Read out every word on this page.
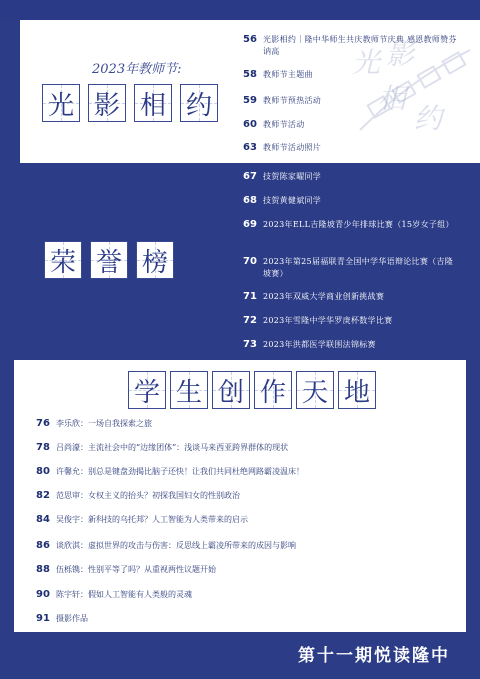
光 影
相
约
2023年教师节:
光 影 相 约
56 光影相约｜隆中华师生共庆教师节庆典 感恩教师赞芬讷高
58 教师节主题曲
59 教师节预热活动
60 教师节活动
63 教师节活动照片
荣 誉 榜
67 技贺陈家曜同学
68 技贺黄健斌同学
69 2023年ELL吉隆坡青少年排球比赛（15岁女子组）
70 2023年第25届福联青全国中学华语辩论比赛（吉隆坡赛）
71 2023年双威大学商业创新挑战赛
72 2023年雪隆中学华罗庚杯数学比赛
73 2023年洪都医学联围法锦标赛
学 生 创 作 天 地
76 李乐欣： 一场自我探索之旅
78 吕尚濠： 主流社会中的“边缘团体”：浅谈马来西亚跨界群体的现状
80 许馨允： 别总是键盘劲揭比脑子还快！让我们共同杜绝网路霸凌温床！
82 范思审： 女权主义的抬头？初探我国妇女的性别政治
84 吴俊宇： 新科技的乌托邦？人工智能为人类带来的启示
86 谈欣淇： 虚拟世界的攻击与伤害：反思线上霸凌所带来的成因与影响
88 伍栎镌： 性别平等了吗？从重视两性议题开始
90 陈宇轩： 假如人工智能有人类般的灵魂
91 摄影作品
第十一期悦读隆中
